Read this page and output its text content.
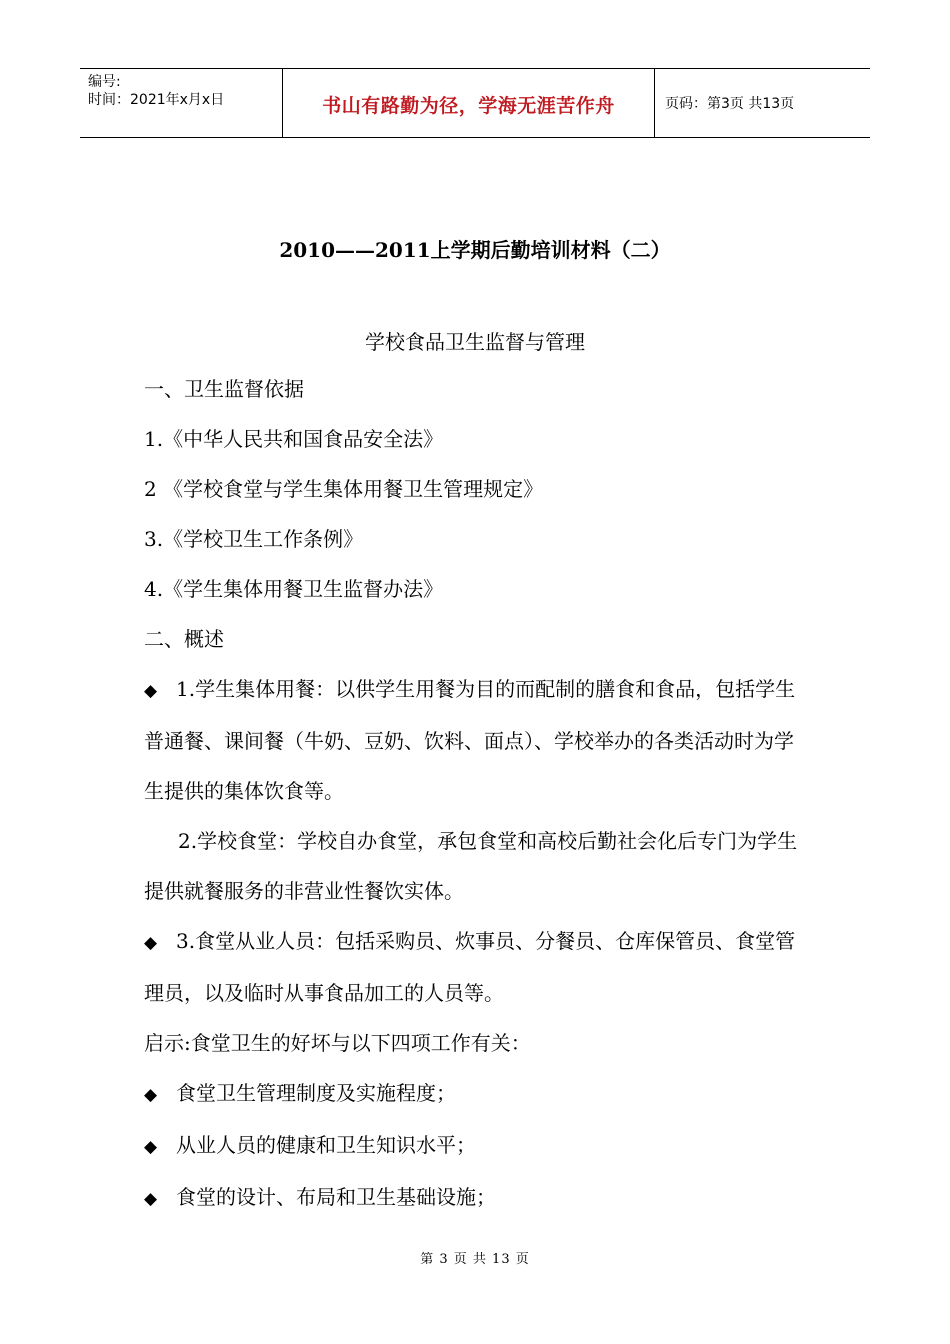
编号:
时间：2021年x月x日	书山有路勤为径，学海无涯苦作舟	页码：第3页 共13页
2010——2011上学期后勤培训材料（二）
学校食品卫生监督与管理

一、卫生监督依据

1.《中华人民共和国食品安全法》

2 《学校食堂与学生集体用餐卫生管理规定》

3.《学校卫生工作条例》

4.《学生集体用餐卫生监督办法》

二、概述

◆ 1.学生集体用餐：以供学生用餐为目的而配制的膳食和食品，包括学生普通餐、课间餐（牛奶、豆奶、饮料、面点）、学校举办的各类活动时为学生提供的集体饮食等。

2.学校食堂：学校自办食堂，承包食堂和高校后勤社会化后专门为学生提供就餐服务的非营业性餐饮实体。

◆ 3.食堂从业人员：包括采购员、炊事员、分餐员、仓库保管员、食堂管理员，以及临时从事食品加工的人员等。

启示:食堂卫生的好坏与以下四项工作有关：

◆ 食堂卫生管理制度及实施程度；

◆ 从业人员的健康和卫生知识水平；

◆ 食堂的设计、布局和卫生基础设施；

第 3 页 共 13 页
